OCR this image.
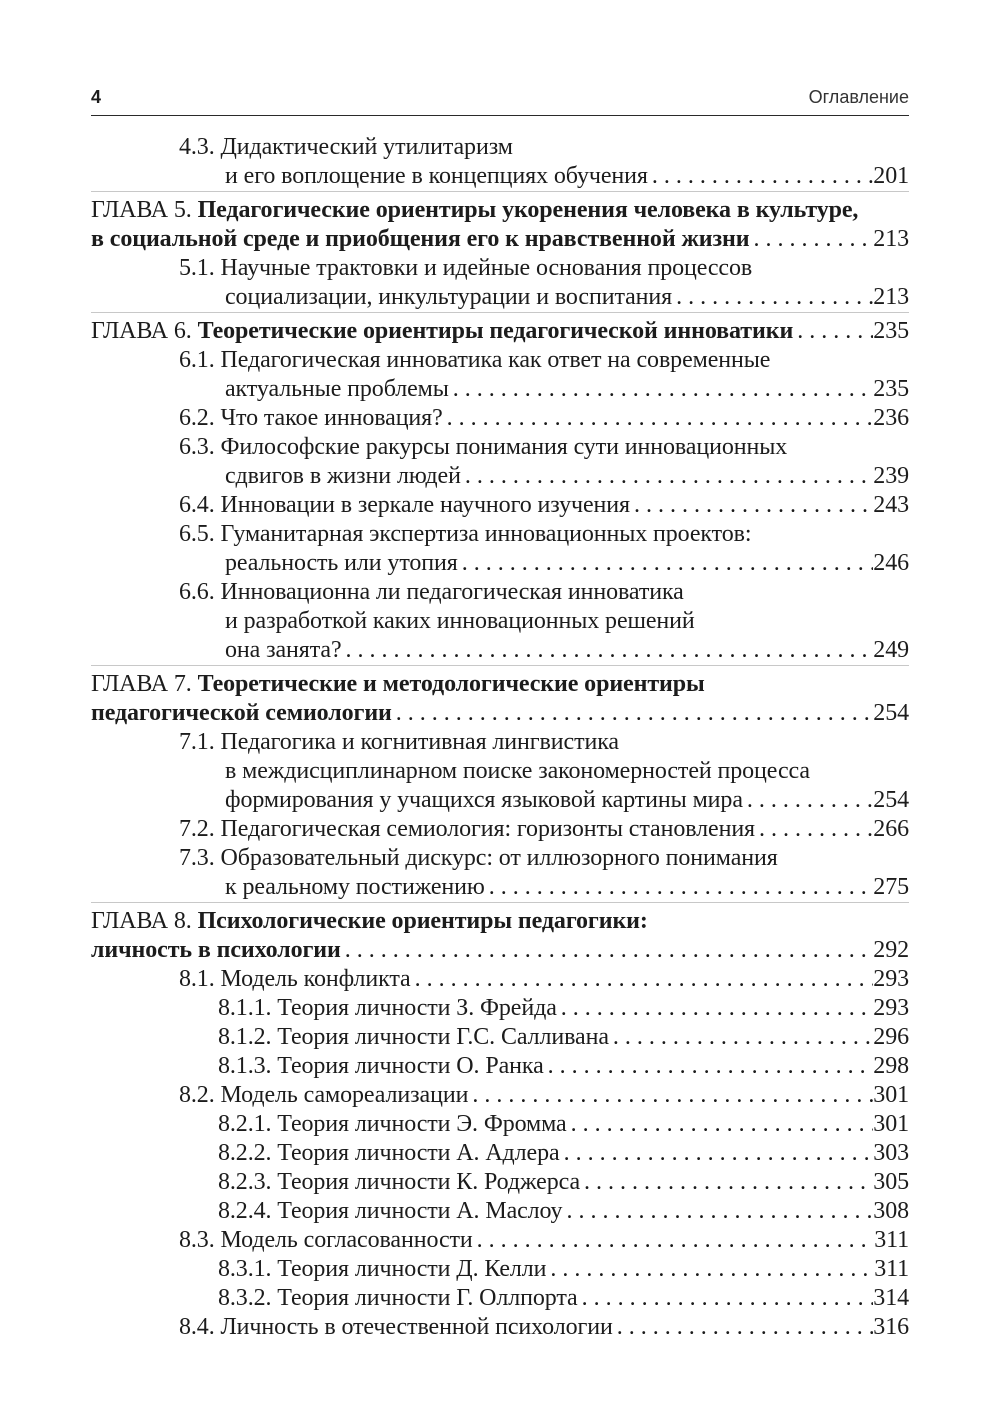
4	Оглавление
4.3. Дидактический утилитаризм
и его воплощение в концепциях обучения . . .	201
ГЛАВА 5. Педагогические ориентиры укоренения человека в культуре,
в социальной среде и приобщения его к нравственной жизни . . .	213
5.1. Научные трактовки и идейные основания процессов
социализации, инкультурации и воспитания . . .	213
ГЛАВА 6. Теоретические ориентиры педагогической инноватики . . .	235
6.1. Педагогическая инноватика как ответ на современные
актуальные проблемы . . .	235
6.2. Что такое инновация? . . .	236
6.3. Философские ракурсы понимания сути инновационных
сдвигов в жизни людей . . .	239
6.4. Инновации в зеркале научного изучения . . .	243
6.5. Гуманитарная экспертиза инновационных проектов:
реальность или утопия . . .	246
6.6. Инновационна ли педагогическая инноватика
и разработкой каких инновационных решений
она занята? . . .	249
ГЛАВА 7. Теоретические и методологические ориентиры
педагогической семиологии . . .	254
7.1. Педагогика и когнитивная лингвистика
в междисциплинарном поиске закономерностей процесса
формирования у учащихся языковой картины мира . . .	254
7.2. Педагогическая семиология: горизонты становления . . .	266
7.3. Образовательный дискурс: от иллюзорного понимания
к реальному постижению . . .	275
ГЛАВА 8. Психологические ориентиры педагогики:
личность в психологии . . .	292
8.1. Модель конфликта . . .	293
8.1.1. Теория личности З. Фрейда . . .	293
8.1.2. Теория личности Г.С. Салливана . . .	296
8.1.3. Теория личности О. Ранка . . .	298
8.2. Модель самореализации . . .	301
8.2.1. Теория личности Э. Фромма . . .	301
8.2.2. Теория личности А. Адлера . . .	303
8.2.3. Теория личности К. Роджерса . . .	305
8.2.4. Теория личности А. Маслоу . . .	308
8.3. Модель согласованности . . .	311
8.3.1. Теория личности Д. Келли . . .	311
8.3.2. Теория личности Г. Оллпорта . . .	314
8.4. Личность в отечественной психологии . . .	316
